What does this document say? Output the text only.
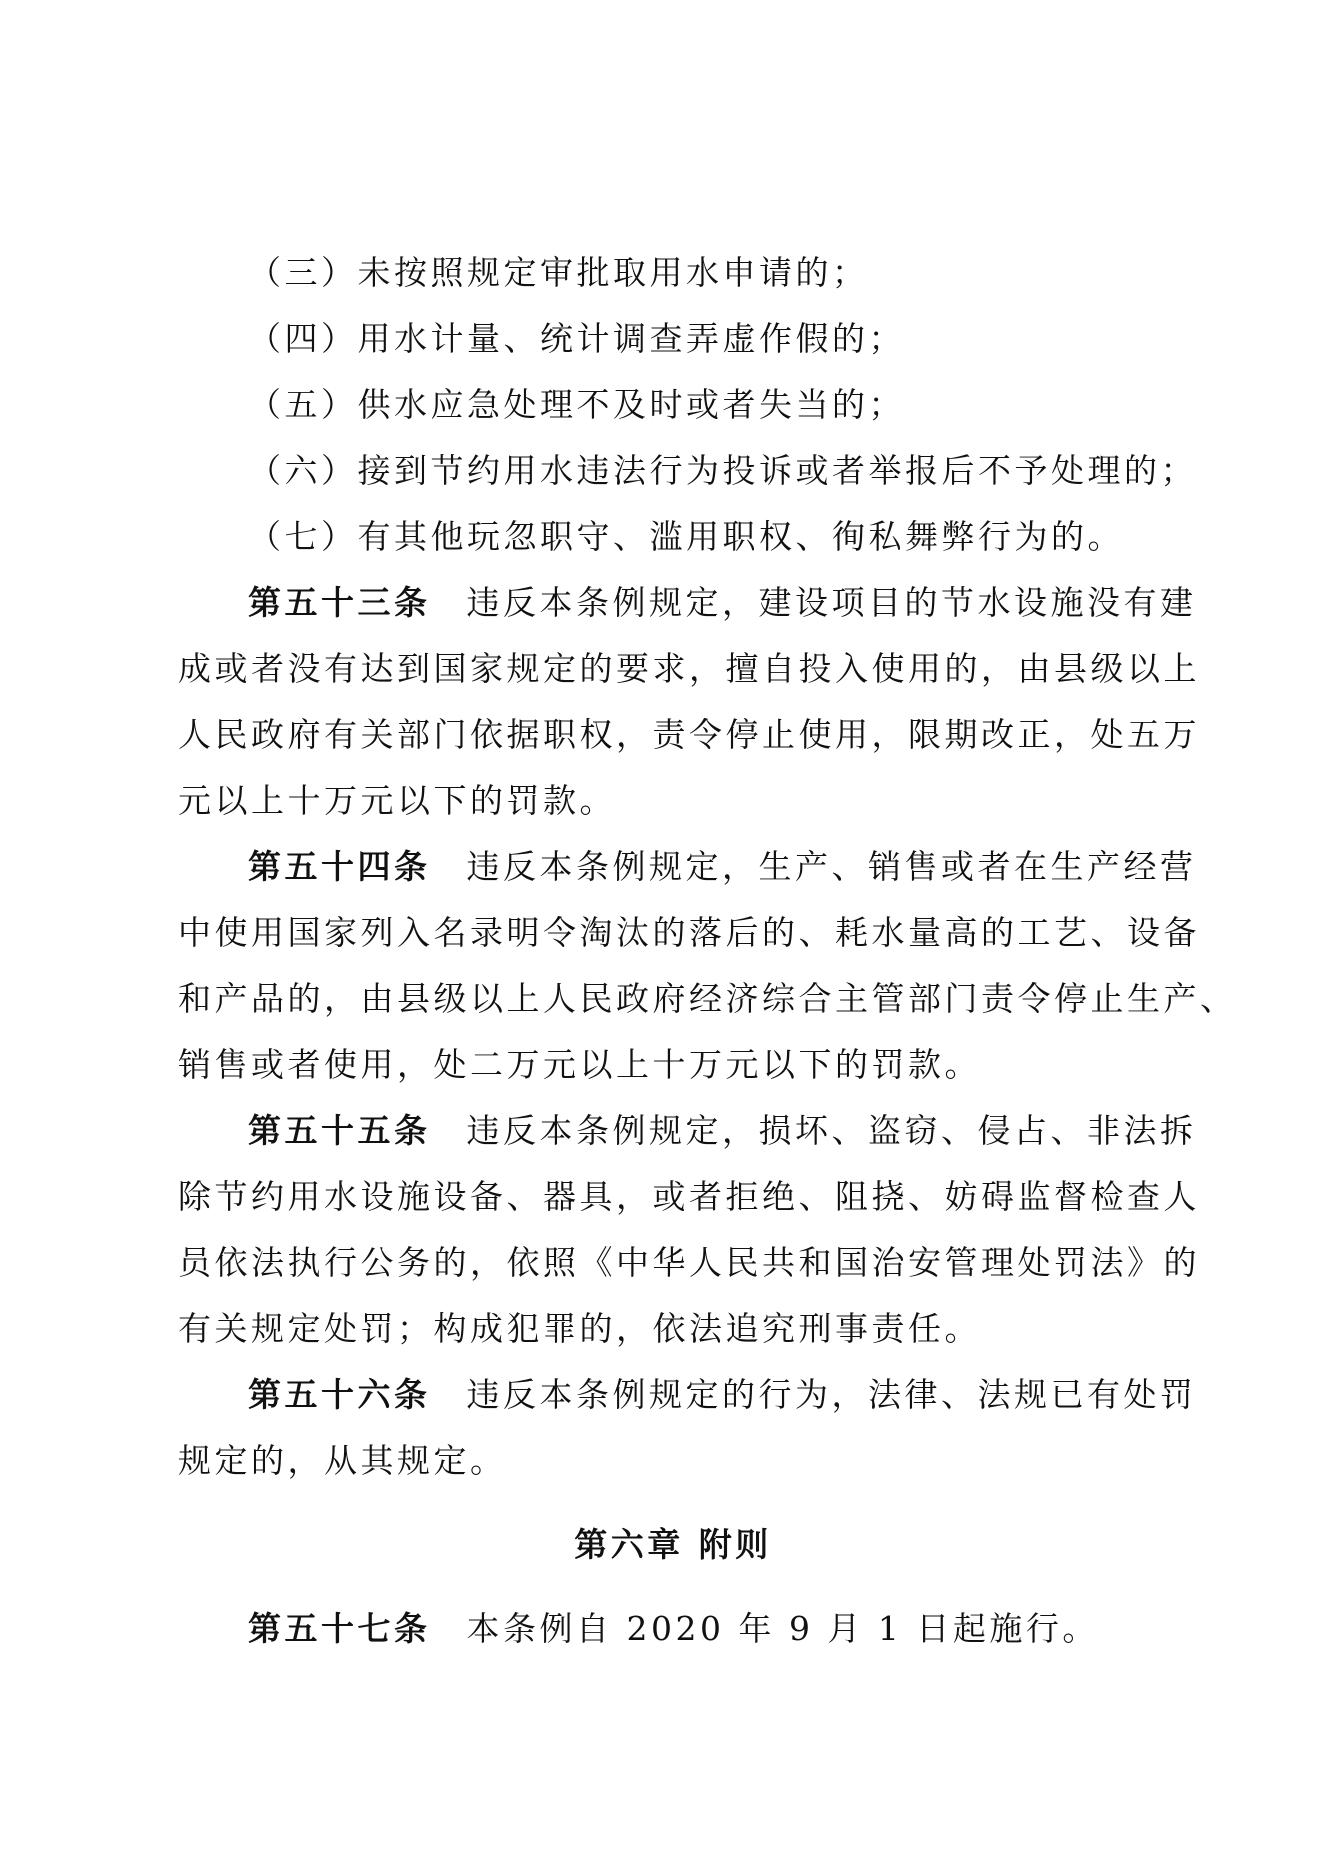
（三）未按照规定审批取用水申请的；
（四）用水计量、统计调查弄虚作假的；
（五）供水应急处理不及时或者失当的；
（六）接到节约用水违法行为投诉或者举报后不予处理的；
（七）有其他玩忽职守、滥用职权、徇私舞弊行为的。
第五十三条 违反本条例规定，建设项目的节水设施没有建
成或者没有达到国家规定的要求，擅自投入使用的，由县级以上
人民政府有关部门依据职权，责令停止使用，限期改正，处五万
元以上十万元以下的罚款。
第五十四条 违反本条例规定，生产、销售或者在生产经营
中使用国家列入名录明令淘汰的落后的、耗水量高的工艺、设备
和产品的，由县级以上人民政府经济综合主管部门责令停止生产、
销售或者使用，处二万元以上十万元以下的罚款。
第五十五条 违反本条例规定，损坏、盗窃、侵占、非法拆
除节约用水设施设备、器具，或者拒绝、阻挠、妨碍监督检查人
员依法执行公务的，依照《中华人民共和国治安管理处罚法》的
有关规定处罚；构成犯罪的，依法追究刑事责任。
第五十六条 违反本条例规定的行为，法律、法规已有处罚
规定的，从其规定。
第六章 附则
第五十七条 本条例自 2020 年 9 月 1 日起施行。
